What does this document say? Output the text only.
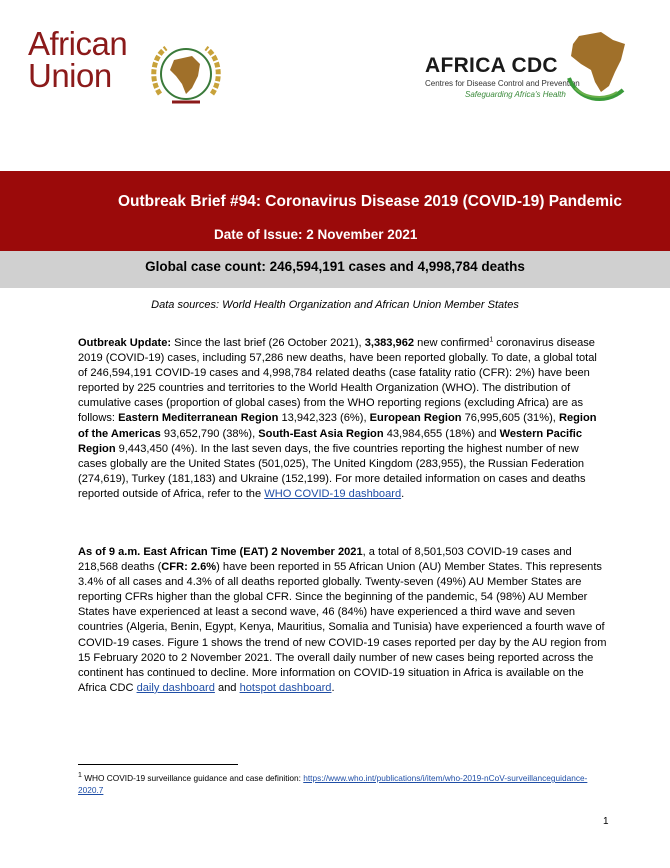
African
Union	AFRICA CDC
Centres for Disease Control and Prevention
Safeguarding Africa's Health
Outbreak Brief #94: Coronavirus Disease 2019 (COVID-19) Pandemic
Date of Issue: 2 November 2021
Global case count: 246,594,191 cases and 4,998,784 deaths
Data sources: World Health Organization and African Union Member States
Outbreak Update: Since the last brief (26 October 2021), 3,383,962 new confirmed$^1$ coronavirus disease 2019 (COVID-19) cases, including 57,286 new deaths, have been reported globally. To date, a global total of 246,594,191 COVID-19 cases and 4,998,784 related deaths (case fatality ratio (CFR): 2%) have been reported by 225 countries and territories to the World Health Organization (WHO). The distribution of cumulative cases (proportion of global cases) from the WHO reporting regions (excluding Africa) are as follows: Eastern Mediterranean Region 13,942,323 (6%), European Region 76,995,605 (31%), Region of the Americas 93,652,790 (38%), South-East Asia Region 43,984,655 (18%) and Western Pacific Region 9,443,450 (4%). In the last seven days, the five countries reporting the highest number of new cases globally are the United States (501,025), The United Kingdom (283,955), the Russian Federation (274,619), Turkey (181,183) and Ukraine (152,199). For more detailed information on cases and deaths reported outside of Africa, refer to the WHO COVID-19 dashboard.
As of 9 a.m. East African Time (EAT) 2 November 2021, a total of 8,501,503 COVID-19 cases and 218,568 deaths (CFR: 2.6%) have been reported in 55 African Union (AU) Member States. This represents 3.4% of all cases and 4.3% of all deaths reported globally. Twenty-seven (49%) AU Member States are reporting CFRs higher than the global CFR. Since the beginning of the pandemic, 54 (98%) AU Member States have experienced at least a second wave, 46 (84%) have experienced a third wave and seven countries (Algeria, Benin, Egypt, Kenya, Mauritius, Somalia and Tunisia) have experienced a fourth wave of COVID-19 cases. Figure 1 shows the trend of new COVID-19 cases reported per day by the AU region from 15 February 2020 to 2 November 2021. The overall daily number of new cases being reported across the continent has continued to decline. More information on COVID-19 situation in Africa is available on the Africa CDC daily dashboard and hotspot dashboard.
$^1$ WHO COVID-19 surveillance guidance and case definition: https://www.who.int/publications/i/item/who-2019-nCoV-surveillanceguidance-2020.7
1
